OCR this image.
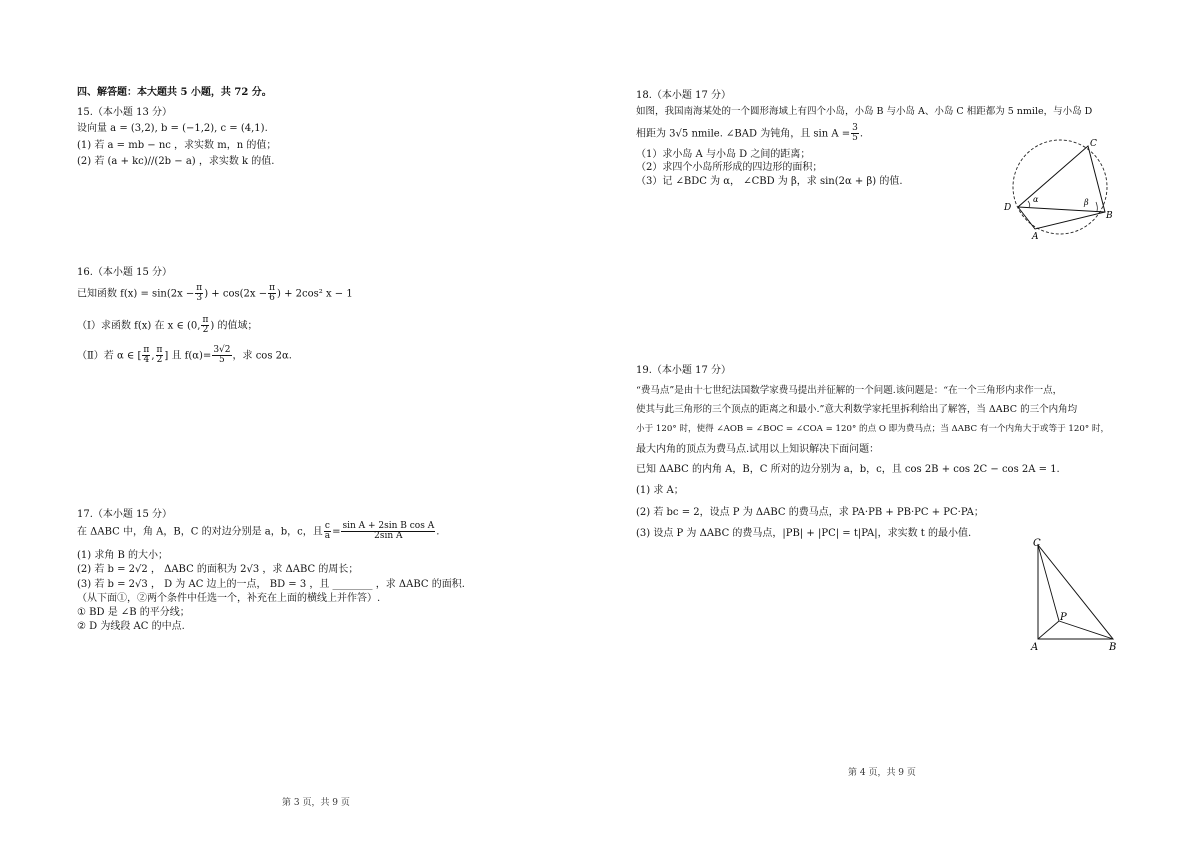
四、解答题：本大题共 5 小题，共 72 分。
15.（本小题 13 分）
设向量 a = (3,2), b = (−1,2), c = (4,1).
(1) 若 a = mb − nc ，求实数 m，n 的值；
(2) 若 (a + kc)//(2b − a) ，求实数 k 的值.
16.（本小题 15 分）
已知函数 $f(x) = \sin(2x - \frac{\pi}{3}$ ) + $\cos(2x - \frac{\pi}{6}$ ) + 2cos² x − 1
（Ⅰ）求函数 f(x) 在 x ∈ (0, $\frac{\pi}{2}$ ) 的值域；
（Ⅱ）若 α ∈ [ $\frac{\pi}{4}$ , $\frac{\pi}{2}$ ] 且 $f(\alpha)= \frac{3√2}{5}$ ，求 cos 2α.
17.（本小题 15 分）
在 ΔABC 中，角 A，B，C 的对边分别是 a，b，c，且 $\frac{c}{a} = \frac{\text{sin A + 2sin B cos A}}{\text{2sin A}}$ .
(1) 求角 B 的大小；
(2) 若 b = 2√2 ， ΔABC 的面积为 2√3 ，求 ΔABC 的周长；
(3) 若 b = 2√3 ， D 为 AC 边上的一点， BD = 3 ，且 ________ ，求 ΔABC 的面积.
（从下面①，②两个条件中任选一个，补充在上面的横线上并作答）.
① BD 是 ∠B 的平分线；
② D 为线段 AC 的中点.
第 3 页，共 9 页
18.（本小题 17 分）
如图，我国南海某处的一个圆形海域上有四个小岛，小岛 B 与小岛 A、小岛 C 相距都为 5 nmile，与小岛 D
相距为 3√5 nmile. ∠BAD 为钝角，且 $\sin A = \frac{3}{5}$ .
（1）求小岛 A 与小岛 D 之间的距离；
（2）求四个小岛所形成的四边形的面积；
（3）记 ∠BDC 为 α， ∠CBD 为 β，求 sin(2α + β) 的值.
C
D
B
A
α	β
19.（本小题 17 分）
“费马点”是由十七世纪法国数学家费马提出并征解的一个问题.该问题是：“在一个三角形内求作一点，
使其与此三角形的三个顶点的距离之和最小.”意大利数学家托里拆利给出了解答，当 ΔABC 的三个内角均
小于 120° 时，使得 ∠AOB = ∠BOC = ∠COA = 120° 的点 O 即为费马点；当 ΔABC 有一个内角大于或等于 120° 时，
最大内角的顶点为费马点.试用以上知识解决下面问题：
已知 ΔABC 的内角 A，B，C 所对的边分别为 a，b，c，且 cos 2B + cos 2C − cos 2A = 1.
(1) 求 A；
(2) 若 bc = 2，设点 P 为 ΔABC 的费马点，求 PA·PB + PB·PC + PC·PA；
(3) 设点 P 为 ΔABC 的费马点，|PB| + |PC| = t|PA|，求实数 t 的最小值.
C
P
A	B
第 4 页，共 9 页
